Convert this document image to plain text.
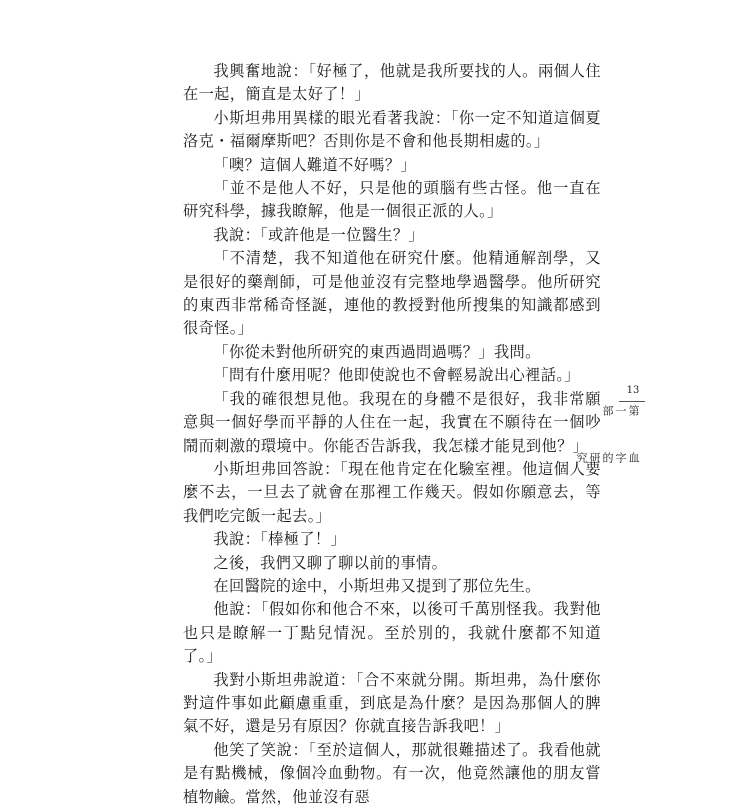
我興奮地說：「好極了，他就是我所要找的人。兩個人住在一起，簡直是太好了！」

小斯坦弗用異樣的眼光看著我說：「你一定不知道這個夏洛克・福爾摩斯吧？否則你是不會和他長期相處的。」

「噢？這個人難道不好嗎？」

「並不是他人不好，只是他的頭腦有些古怪。他一直在研究科學，據我瞭解，他是一個很正派的人。」

我說：「或許他是一位醫生？」

「不清楚，我不知道他在研究什麼。他精通解剖學，又是很好的藥劑師，可是他並沒有完整地學過醫學。他所研究的東西非常稀奇怪誕，連他的教授對他所搜集的知識都感到很奇怪。」

「你從未對他所研究的東西過問過嗎？」我問。

「問有什麼用呢？他即使說也不會輕易說出心裡話。」

「我的確很想見他。我現在的身體不是很好，我非常願意與一個好學而平靜的人住在一起，我實在不願待在一個吵鬧而刺激的環境中。你能否告訴我，我怎樣才能見到他？」

小斯坦弗回答說：「現在他肯定在化驗室裡。他這個人要麼不去，一旦去了就會在那裡工作幾天。假如你願意去，等我們吃完飯一起去。」

我說：「棒極了！」

之後，我們又聊了聊以前的事情。

在回醫院的途中，小斯坦弗又提到了那位先生。

他說：「假如你和他合不來，以後可千萬別怪我。我對他也只是瞭解一丁點兒情況。至於別的，我就什麼都不知道了。」

我對小斯坦弗說道：「合不來就分開。斯坦弗，為什麼你對這件事如此顧慮重重，到底是為什麼？是因為那個人的脾氣不好，還是另有原因？你就直接告訴我吧！」

他笑了笑說：「至於這個人，那就很難描述了。我看他就是有點機械，像個冷血動物。有一次，他竟然讓他的朋友嘗植物鹼。當然，他並沒有惡

13
第一部
血字的研究
